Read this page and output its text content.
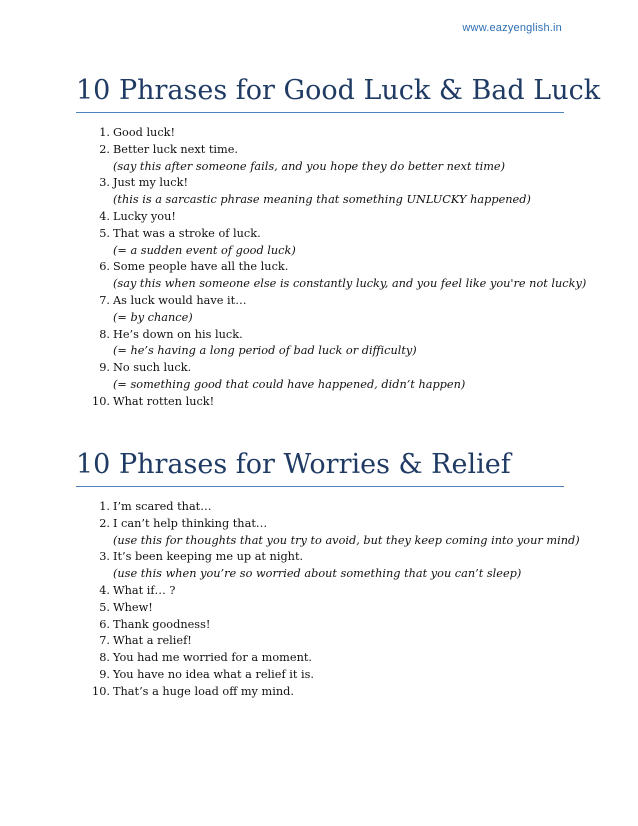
www.eazyenglish.in
10 Phrases for Good Luck & Bad Luck
1. Good luck!
2. Better luck next time.
(say this after someone fails, and you hope they do better next time)
3. Just my luck!
(this is a sarcastic phrase meaning that something UNLUCKY happened)
4. Lucky you!
5. That was a stroke of luck.
(= a sudden event of good luck)
6. Some people have all the luck.
(say this when someone else is constantly lucky, and you feel like you're not lucky)
7. As luck would have it…
(= by chance)
8. He’s down on his luck.
(= he’s having a long period of bad luck or difficulty)
9. No such luck.
(= something good that could have happened, didn’t happen)
10. What rotten luck!
10 Phrases for Worries & Relief
1. I’m scared that…
2. I can’t help thinking that…
(use this for thoughts that you try to avoid, but they keep coming into your mind)
3. It’s been keeping me up at night.
(use this when you’re so worried about something that you can’t sleep)
4. What if… ?
5. Whew!
6. Thank goodness!
7. What a relief!
8. You had me worried for a moment.
9. You have no idea what a relief it is.
10. That’s a huge load off my mind.
